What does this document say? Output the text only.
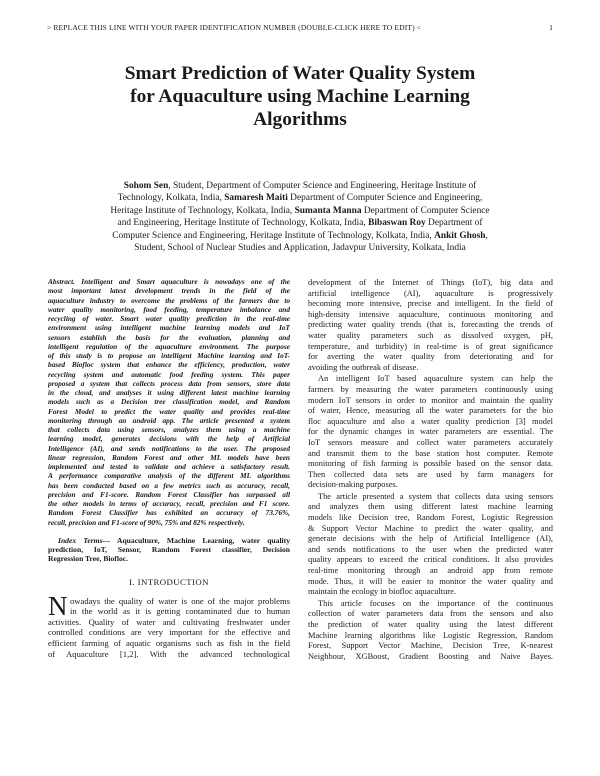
> REPLACE THIS LINE WITH YOUR PAPER IDENTIFICATION NUMBER (DOUBLE-CLICK HERE TO EDIT) <	1
Smart Prediction of Water Quality System
for Aquaculture using Machine Learning
Algorithms
Sohom Sen, Student, Department of Computer Science and Engineering, Heritage Institute of
Technology, Kolkata, India, Samaresh Maiti Department of Computer Science and Engineering,
Heritage Institute of Technology, Kolkata, India, Sumanta Manna Department of Computer Science
and Engineering, Heritage Institute of Technology, Kolkata, India, Bibaswan Roy Department of
Computer Science and Engineering, Heritage Institute of Technology, Kolkata, India, Ankit Ghosh,
Student, School of Nuclear Studies and Application, Jadavpur University, Kolkata, India
Abstract. Intelligent and Smart aquaculture is nowadays one of the
most important latest development trends in the field of the
aquaculture industry to overcome the problems of the farmers due to
water quality monitoring, food feeding, temperature imbalance and
recycling of water. Smart water quality prediction in the real-time
environment using intelligent machine learning models and IoT
sensors establish the basis for the evaluation, planning and
intelligent regulation of the aquaculture environment. The purpose
of this study is to propose an intelligent Machine learning and IoT-
based Biofloc system that enhance the efficiency, production, water
recycling system and automatic food feeding system. This paper
proposed a system that collects process data from sensors, store data
in the cloud, and analyses it using different latest machine learning
models such as a Decision tree classification model, and Random
Forest Model to predict the water quality and provides real-time
monitoring through an android app. The article presented a system
that collects data using sensors, analyzes them using a machine
learning model, generates decisions with the help of Artificial
Intelligence (AI), and sends notifications to the user. The proposed
linear regression, Random Forest and other ML models have been
implemented and tested to validate and achieve a satisfactory result.
A performance comparative analysis of the different ML algorithms
has been conducted based on a few metrics such as accuracy, recall,
precision and F1-score. Random Forest Classifier has surpassed all
the other models in terms of accuracy, recall, precision and F1 score.
Random Forest Classifier has exhibited an accuracy of 73.76%,
recall, precision and F1-score of 90%, 75% and 82% respectively.
Index Terms— Aquaculture, Machine Learning, water quality
prediction, IoT, Sensor, Random Forest classifier, Decision
Regression Tree, Biofloc.
I. INTRODUCTION
N owadays the quality of water is one of the major problems
in the world as it is getting contaminated due to human
activities. Quality of water and cultivating freshwater under
controlled conditions are very important for the effective and
efficient farming of aquatic organisms such as fish in the field
of Aquaculture [1,2]. With the advanced technological
development of the Internet of Things (IoT), big data and
artificial intelligence (AI), aquaculture is progressively
becoming more intensive, precise and intelligent. In the field of
high-density intensive aquaculture, continuous monitoring and
predicting water quality trends (that is, forecasting the trends of
water quality parameters such as dissolved oxygen, pH,
temperature, and turbidity) in real-time is of great significance
for averting the water quality from deteriorating and for
avoiding the outbreak of disease.
An intelligent IoT based aquaculture system can help the
farmers by measuring the water parameters continuously using
modern IoT sensors in order to monitor and maintain the quality
of water, Hence, measuring all the water parameters for the bio
floc aquaculture and also a water quality prediction [3] model
for the dynamic changes in water parameters are essential. The
IoT sensors measure and collect water parameters accurately
and transmit them to the base station host computer. Remote
monitoring of fish farming is possible based on the sensor data.
Then collected data sets are used by farm managers for
decision-making purposes.
The article presented a system that collects data using sensors
and analyzes them using different latest machine learning
models like Decision tree, Random Forest, Logistic Regression
& Support Vector Machine to predict the water quality, and
generate decisions with the help of Artificial Intelligence (AI),
and sends notifications to the user when the predicted water
quality appears to exceed the critical conditions. It also provides
real-time monitoring through an android app from remote
mode. Thus, it will be easier to monitor the water quality and
maintain the ecology in biofloc aquaculture.
This article focuses on the importance of the continuous
collection of water parameters data from the sensors and also
the prediction of water quality using the latest different
Machine learning algorithms like Logistic Regression, Random
Forest, Support Vector Machine, Decision Tree, K-nearest
Neighbour, XGBoost, Gradient Boosting and Naive Bayes.
